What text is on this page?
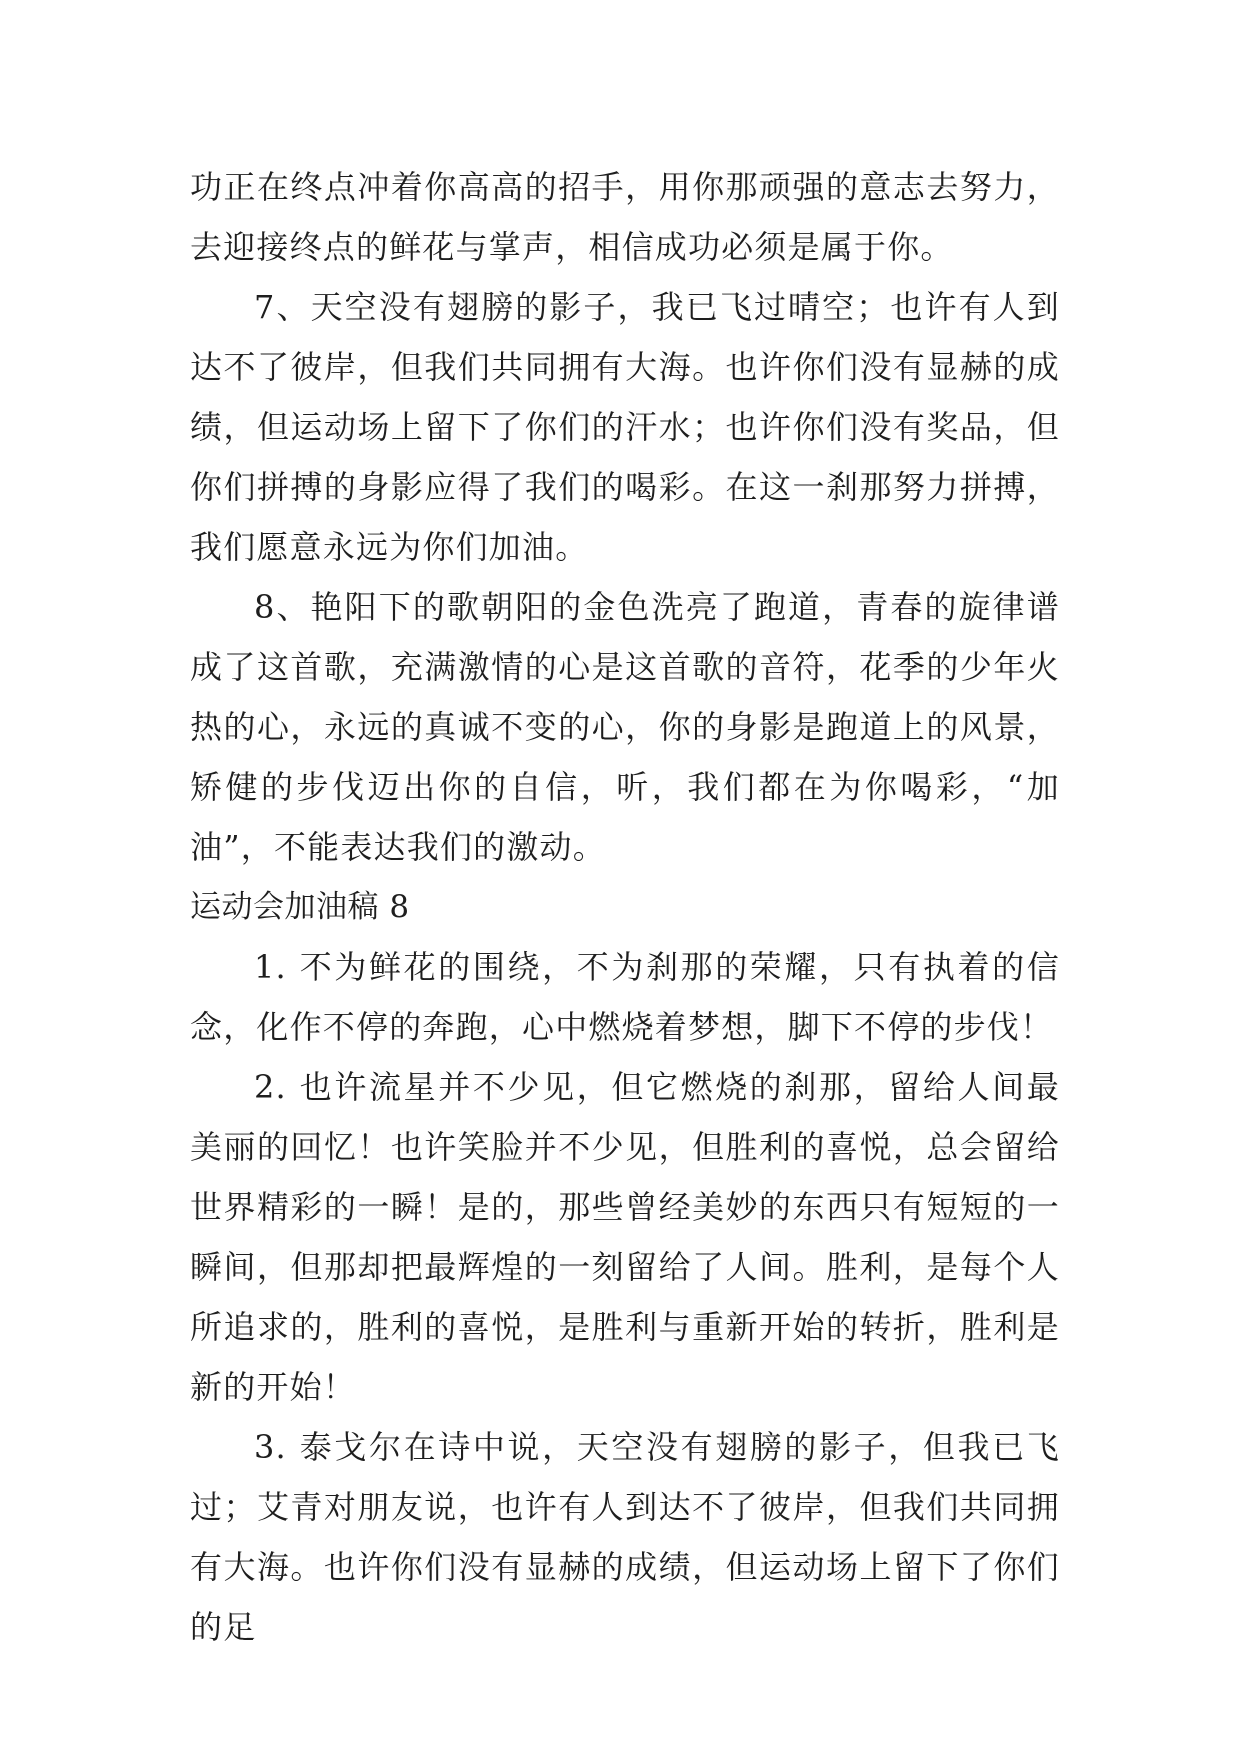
功正在终点冲着你高高的招手，用你那顽强的意志去努力，去迎接终点的鲜花与掌声，相信成功必须是属于你。

7、天空没有翅膀的影子，我已飞过晴空；也许有人到达不了彼岸，但我们共同拥有大海。也许你们没有显赫的成绩，但运动场上留下了你们的汗水；也许你们没有奖品，但你们拼搏的身影应得了我们的喝彩。在这一刹那努力拼搏，我们愿意永远为你们加油。

8、艳阳下的歌朝阳的金色洗亮了跑道，青春的旋律谱成了这首歌，充满激情的心是这首歌的音符，花季的少年火热的心，永远的真诚不变的心，你的身影是跑道上的风景，矫健的步伐迈出你的自信，听，我们都在为你喝彩，“加油”，不能表达我们的激动。

运动会加油稿 8

1. 不为鲜花的围绕，不为刹那的荣耀，只有执着的信念，化作不停的奔跑，心中燃烧着梦想，脚下不停的步伐！

2. 也许流星并不少见，但它燃烧的刹那，留给人间最美丽的回忆！也许笑脸并不少见，但胜利的喜悦，总会留给世界精彩的一瞬！是的，那些曾经美妙的东西只有短短的一瞬间，但那却把最辉煌的一刻留给了人间。胜利，是每个人所追求的，胜利的喜悦，是胜利与重新开始的转折，胜利是新的开始！

3. 泰戈尔在诗中说，天空没有翅膀的影子，但我已飞过；艾青对朋友说，也许有人到达不了彼岸，但我们共同拥有大海。也许你们没有显赫的成绩，但运动场上留下了你们的足
